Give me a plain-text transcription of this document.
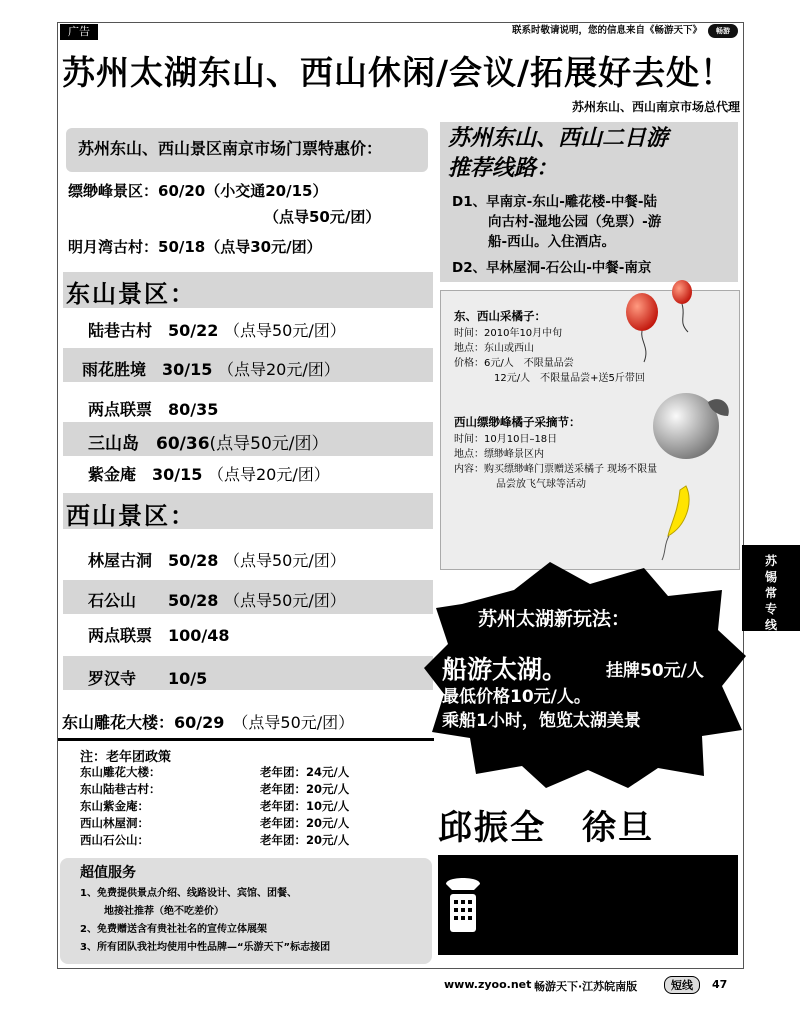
广告	联系时敬请说明，您的信息来自《畅游天下》	畅游
苏州太湖东山、西山休闲/会议/拓展好去处！
苏州东山、西山南京市场总代理
苏州东山、西山景区南京市场门票特惠价：
缥缈峰景区：60/20（小交通20/15）
（点导50元/团）
明月湾古村：50/18（点导30元/团）
东山景区：
陆巷古村　 50/22 （点导50元/团）
雨花胜境　 30/15 （点导20元/团）
两点联票　 80/35
三山岛　 60/36(点导50元/团）
紫金庵　 30/15 （点导20元/团）
西山景区：
林屋古洞　 50/28 （点导50元/团）
石公山　　 50/28 （点导50元/团）
两点联票　 100/48
罗汉寺　　 10/5
东山雕花大楼：60/29　 （点导50元/团）
注：老年团政策
东山雕花大楼：	老年团：24元/人
东山陆巷古村：	老年团：20元/人
东山紫金庵：	老年团：10元/人
西山林屋洞：	老年团：20元/人
西山石公山：	老年团：20元/人
超值服务
1、免费提供景点介绍、线路设计、宾馆、团餐、
地接社推荐（绝不吃差价）
2、免费赠送含有贵社社名的宣传立体展架
3、所有团队我社均使用中性品牌—“乐游天下”标志接团
苏州东山、西山二日游
推荐线路：
D1、早南京-东山-雕花楼-中餐-陆
向古村-湿地公园（免票）-游
船-西山。入住酒店。
D2、早林屋洞-石公山-中餐-南京
东、西山采橘子：
时间：2010年10月中旬
地点：东山或西山
价格：6元/人　不限量品尝
12元/人　不限量品尝+送5斤带回
西山缥缈峰橘子采摘节：
时间：10月10日–18日
地点：缥缈峰景区内
内容：购买缥缈峰门票赠送采橘子 现场不限量
品尝放飞气球等活动
苏锡常专线
苏州太湖新玩法：
船游太湖。 挂牌50元/人
最低价格10元/人。
乘船1小时，饱览太湖美景
邱振全　徐旦
电话 025-68958582 68958580(F)
手机：13512510467
Q Q：623232202/811231575
www.zyoo.net 畅游天下·江苏皖南版	短线	47
